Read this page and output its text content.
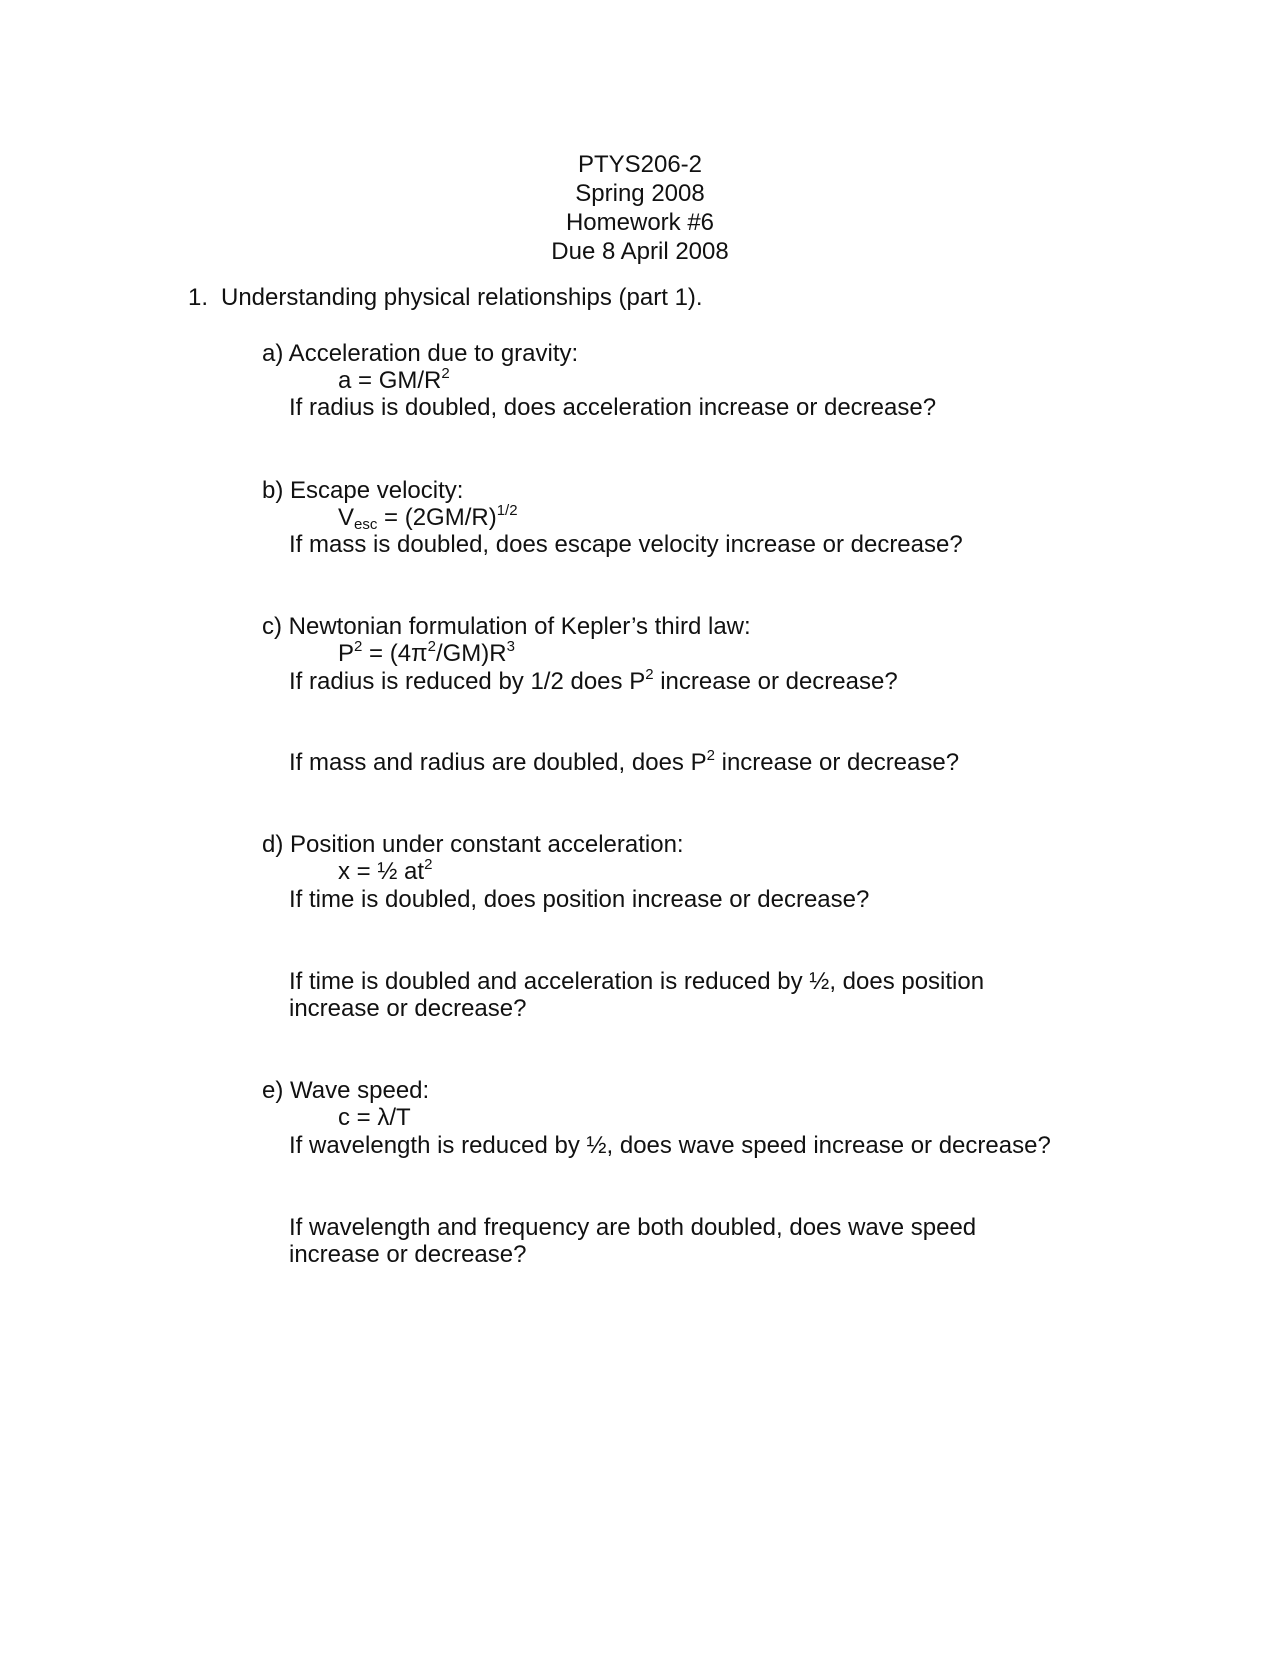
PTYS206-2
Spring 2008
Homework #6
Due 8 April 2008
1. Understanding physical relationships (part 1).
a) Acceleration due to gravity:
$a = GM/R^2$
If radius is doubled, does acceleration increase or decrease?
b) Escape velocity:
$V_{esc} = (2GM/R)^{1/2}$
If mass is doubled, does escape velocity increase or decrease?
c) Newtonian formulation of Kepler’s third law:
$P^2 = (4\pi^2/GM)R^3$
If radius is reduced by 1/2 does $P^2$ increase or decrease?
If mass and radius are doubled, does $P^2$ increase or decrease?
d) Position under constant acceleration:
x = ½ $at^2$
If time is doubled, does position increase or decrease?
If time is doubled and acceleration is reduced by ½, does position
increase or decrease?
e) Wave speed:
c = λ/T
If wavelength is reduced by ½, does wave speed increase or decrease?
If wavelength and frequency are both doubled, does wave speed
increase or decrease?
